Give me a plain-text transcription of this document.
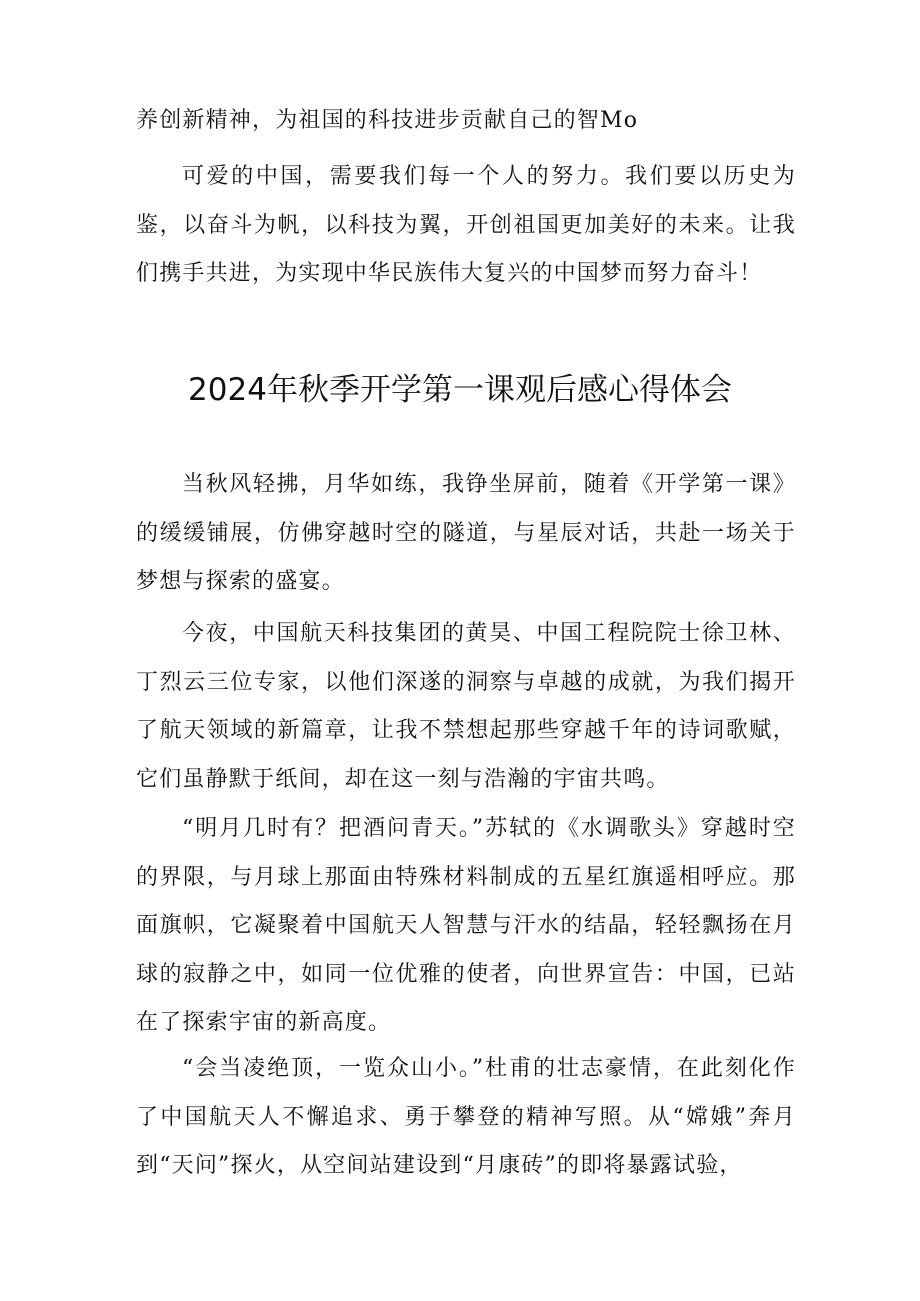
养创新精神，为祖国的科技进步贡献自己的智Mo

可爱的中国，需要我们每一个人的努力。我们要以历史为鉴，以奋斗为帆，以科技为翼，开创祖国更加美好的未来。让我们携手共进，为实现中华民族伟大复兴的中国梦而努力奋斗！

2024年秋季开学第一课观后感心得体会

当秋风轻拂，月华如练，我铮坐屏前，随着《开学第一课》的缓缓铺展，仿佛穿越时空的隧道，与星辰对话，共赴一场关于梦想与探索的盛宴。

今夜，中国航天科技集团的黄昊、中国工程院院士徐卫林、丁烈云三位专家，以他们深遂的洞察与卓越的成就，为我们揭开了航天领域的新篇章，让我不禁想起那些穿越千年的诗词歌赋，它们虽静默于纸间，却在这一刻与浩瀚的宇宙共鸣。

“明月几时有？把酒问青天。”苏轼的《水调歌头》穿越时空的界限，与月球上那面由特殊材料制成的五星红旗遥相呼应。那面旗帜，它凝聚着中国航天人智慧与汗水的结晶，轻轻飘扬在月球的寂静之中，如同一位优雅的使者，向世界宣告：中国，已站在了探索宇宙的新高度。

“会当凌绝顶，一览众山小。”杜甫的壮志豪情，在此刻化作了中国航天人不懈追求、勇于攀登的精神写照。从“嫦娥”奔月到“天问”探火，从空间站建设到“月康砖”的即将暴露试验，
